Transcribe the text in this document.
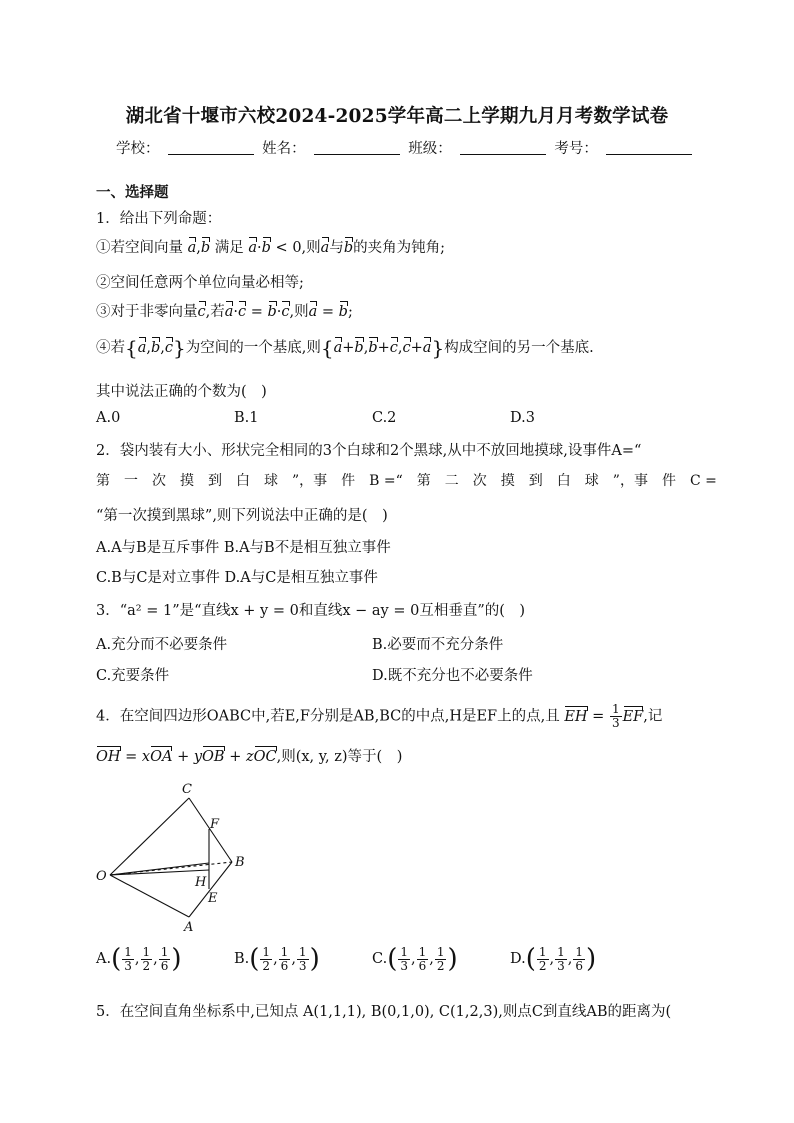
湖北省十堰市六校2024-2025学年高二上学期九月月考数学试卷
学校：	姓名：	班级：	考号：
一、选择题
1．给出下列命题：
①若空间向量 a,b 满足 a·b < 0,则a与b的夹角为钝角;
②空间任意两个单位向量必相等;
③对于非零向量c,若a·c = b·c,则a = b;
④若{a,b,c}为空间的一个基底,则{a+b,b+c,c+a}构成空间的另一个基底.
其中说法正确的个数为(　)
A.0	B.1	C.2	D.3
2．袋内装有大小、形状完全相同的3个白球和2个黑球,从中不放回地摸球,设事件A=“
第　一　次　摸　到　白　球　”，事　件　B =“　第　二　次　摸　到　白　球　”，事　件　C =
“第一次摸到黑球”,则下列说法中正确的是(　)
A.A与B是互斥事件 B.A与B不是相互独立事件
C.B与C是对立事件 D.A与C是相互独立事件
3．“a² = 1”是“直线x + y = 0和直线x − ay = 0互相垂直”的(　)
A.充分而不必要条件	B.必要而不充分条件
C.充要条件	D.既不充分也不必要条件
4．在空间四边形OABC中,若E,F分别是AB,BC的中点,H是EF上的点,且 EH = $\frac{1}{3}$ EF,记
OH = xOA + yOB + zOC,则(x, y, z)等于(　)
C
F
B
O	H
E
A
$A.( \frac{1}{3}$ , $\frac{1}{2}$ , $\frac{1}{6}$ )	$B.( \frac{1}{2}$ , $\frac{1}{6}$ , $\frac{1}{3}$ )	$C.( \frac{1}{3}$ , $\frac{1}{6}$ , $\frac{1}{2}$ )	$D.( \frac{1}{2}$ , $\frac{1}{3}$ , $\frac{1}{6}$ )
5．在空间直角坐标系中,已知点 A(1,1,1), B(0,1,0), C(1,2,3),则点C到直线AB的距离为(
